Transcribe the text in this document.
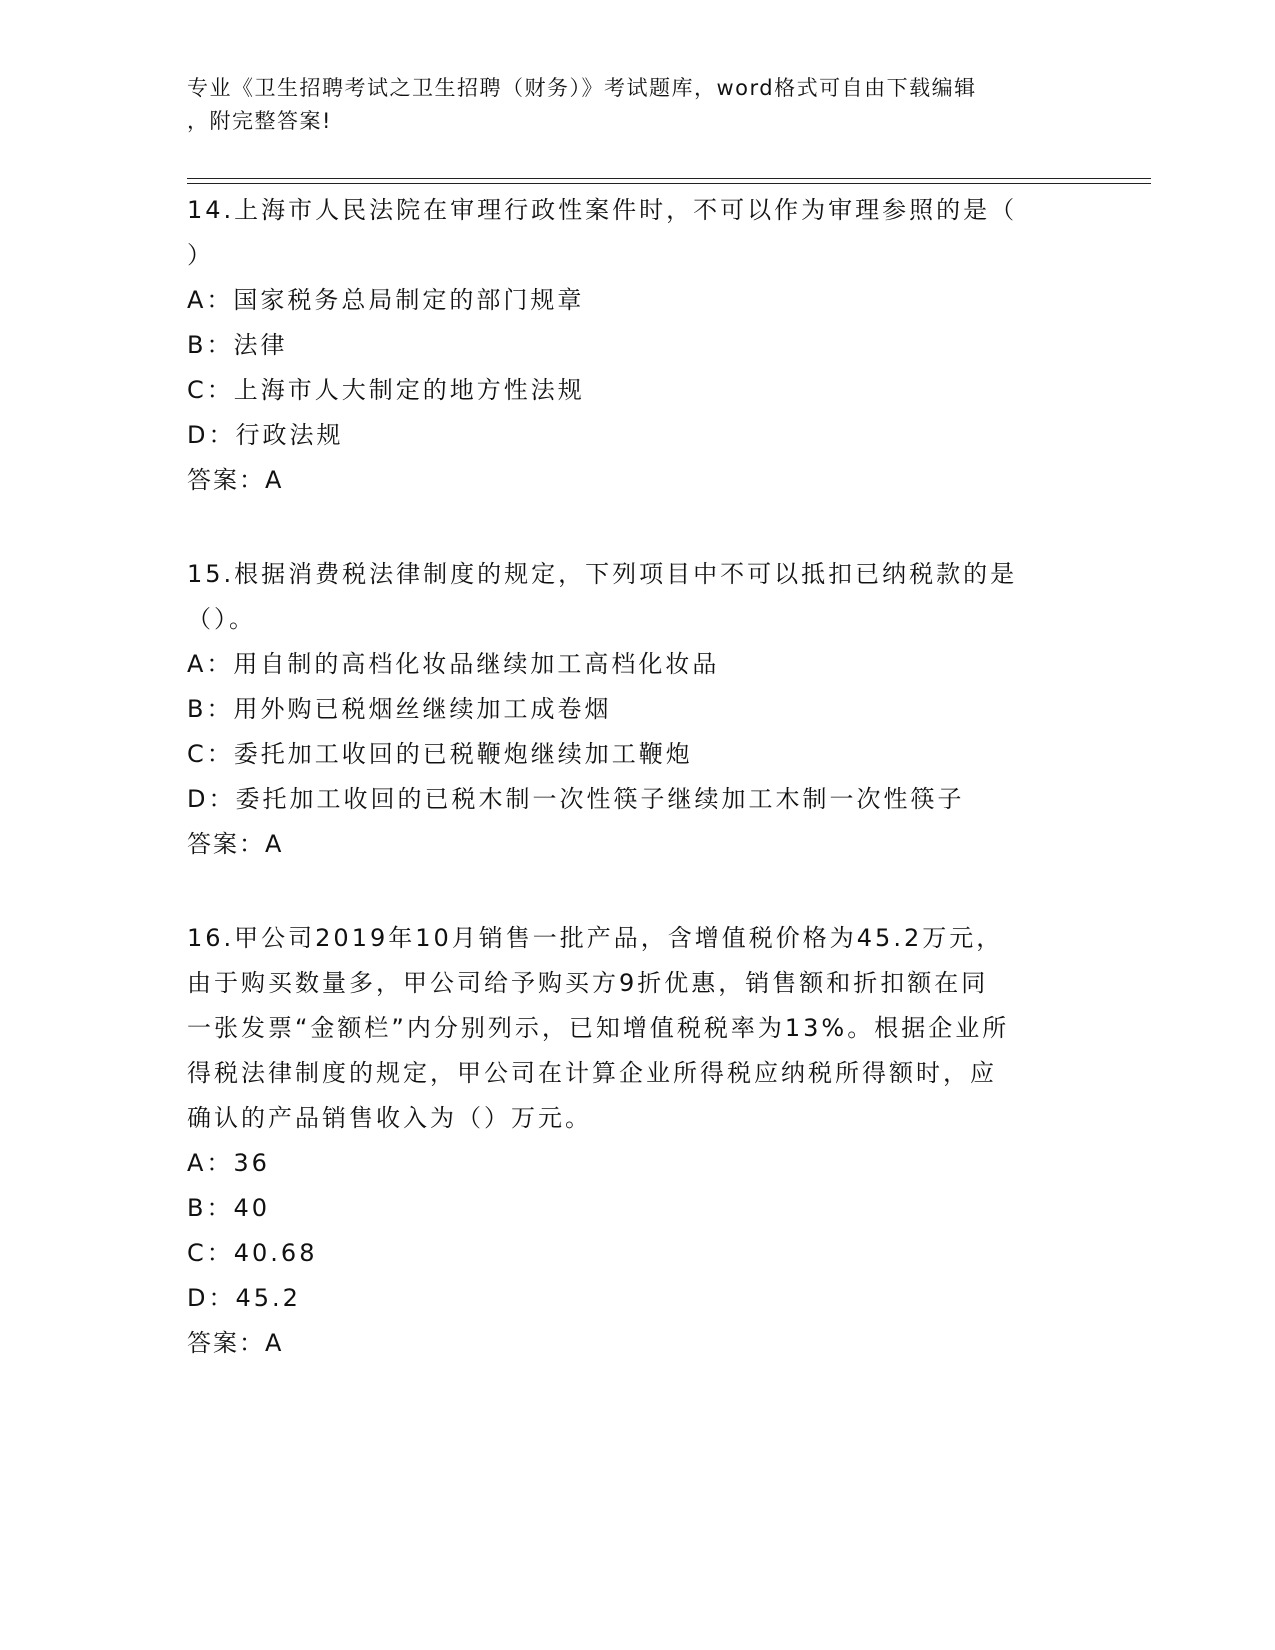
专业《卫生招聘考试之卫生招聘（财务）》考试题库，word格式可自由下载编辑
，附完整答案!

14.上海市人民法院在审理行政性案件时，不可以作为审理参照的是（
）

A：国家税务总局制定的部门规章

B：法律

C：上海市人大制定的地方性法规

D：行政法规

答案：A

15.根据消费税法律制度的规定，下列项目中不可以抵扣已纳税款的是
（）。

A：用自制的高档化妆品继续加工高档化妆品

B：用外购已税烟丝继续加工成卷烟

C：委托加工收回的已税鞭炮继续加工鞭炮

D：委托加工收回的已税木制一次性筷子继续加工木制一次性筷子

答案：A

16.甲公司2019年10月销售一批产品，含增值税价格为45.2万元，
由于购买数量多，甲公司给予购买方9折优惠，销售额和折扣额在同
一张发票“金额栏”内分别列示，已知增值税税率为13%。根据企业所
得税法律制度的规定，甲公司在计算企业所得税应纳税所得额时，应
确认的产品销售收入为（）万元。

A：36

B：40

C：40.68

D：45.2

答案：A
